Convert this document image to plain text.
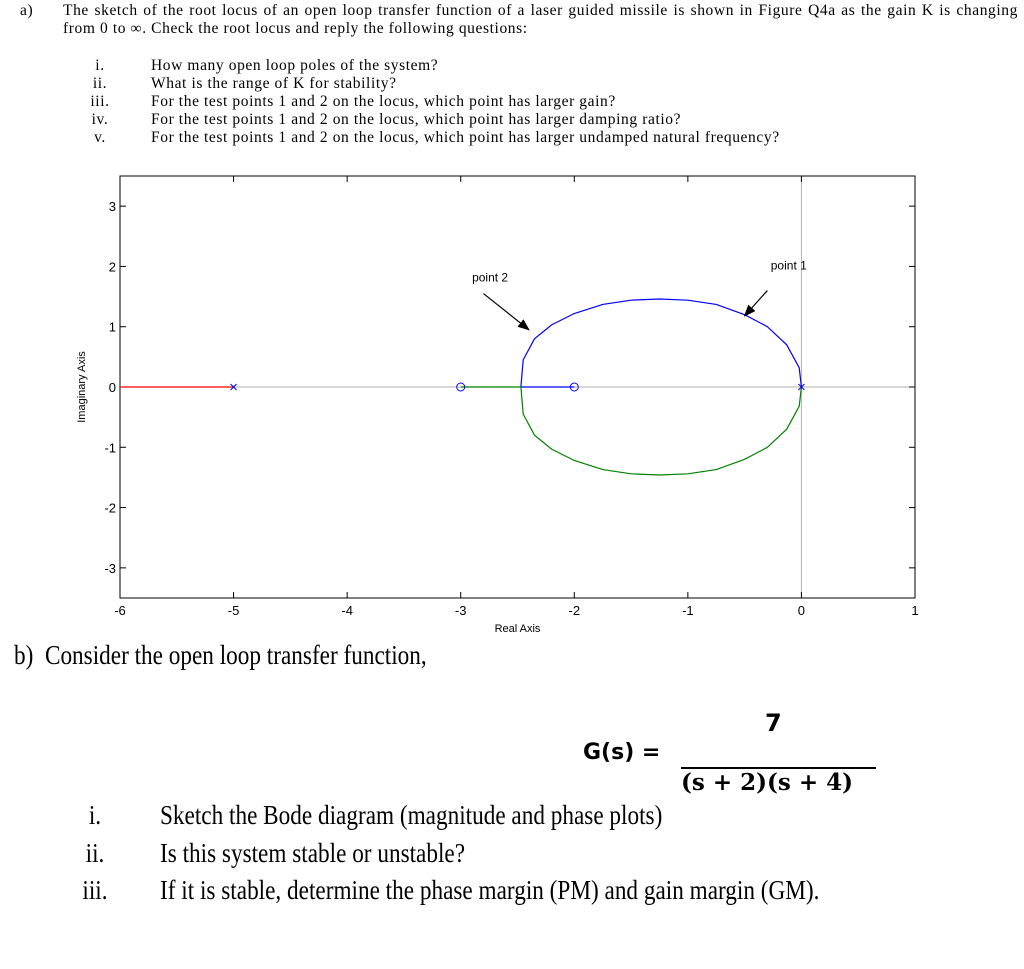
a) The sketch of the root locus of an open loop transfer function of a laser guided missile is shown in Figure Q4a as the gain K is changing from 0 to ∞. Check the root locus and reply the following questions:
i.	How many open loop poles of the system?
ii.	What is the range of K for stability?
iii.	For the test points 1 and 2 on the locus, which point has larger gain?
iv.	For the test points 1 and 2 on the locus, which point has larger damping ratio?
v.	For the test points 1 and 2 on the locus, which point has larger undamped natural frequency?
-6	-5	-4	-3	-2	-1	0	1
3
2
1
0
-1
-2
-3
Real Axis
Imaginary Axis
point 1
point 2
b) Consider the open loop transfer function,
G(s) =
7
(s + 2)(s + 4)
i.	Sketch the Bode diagram (magnitude and phase plots)
ii. Is this system stable or unstable?
iii. If it is stable, determine the phase margin (PM) and gain margin (GM).
